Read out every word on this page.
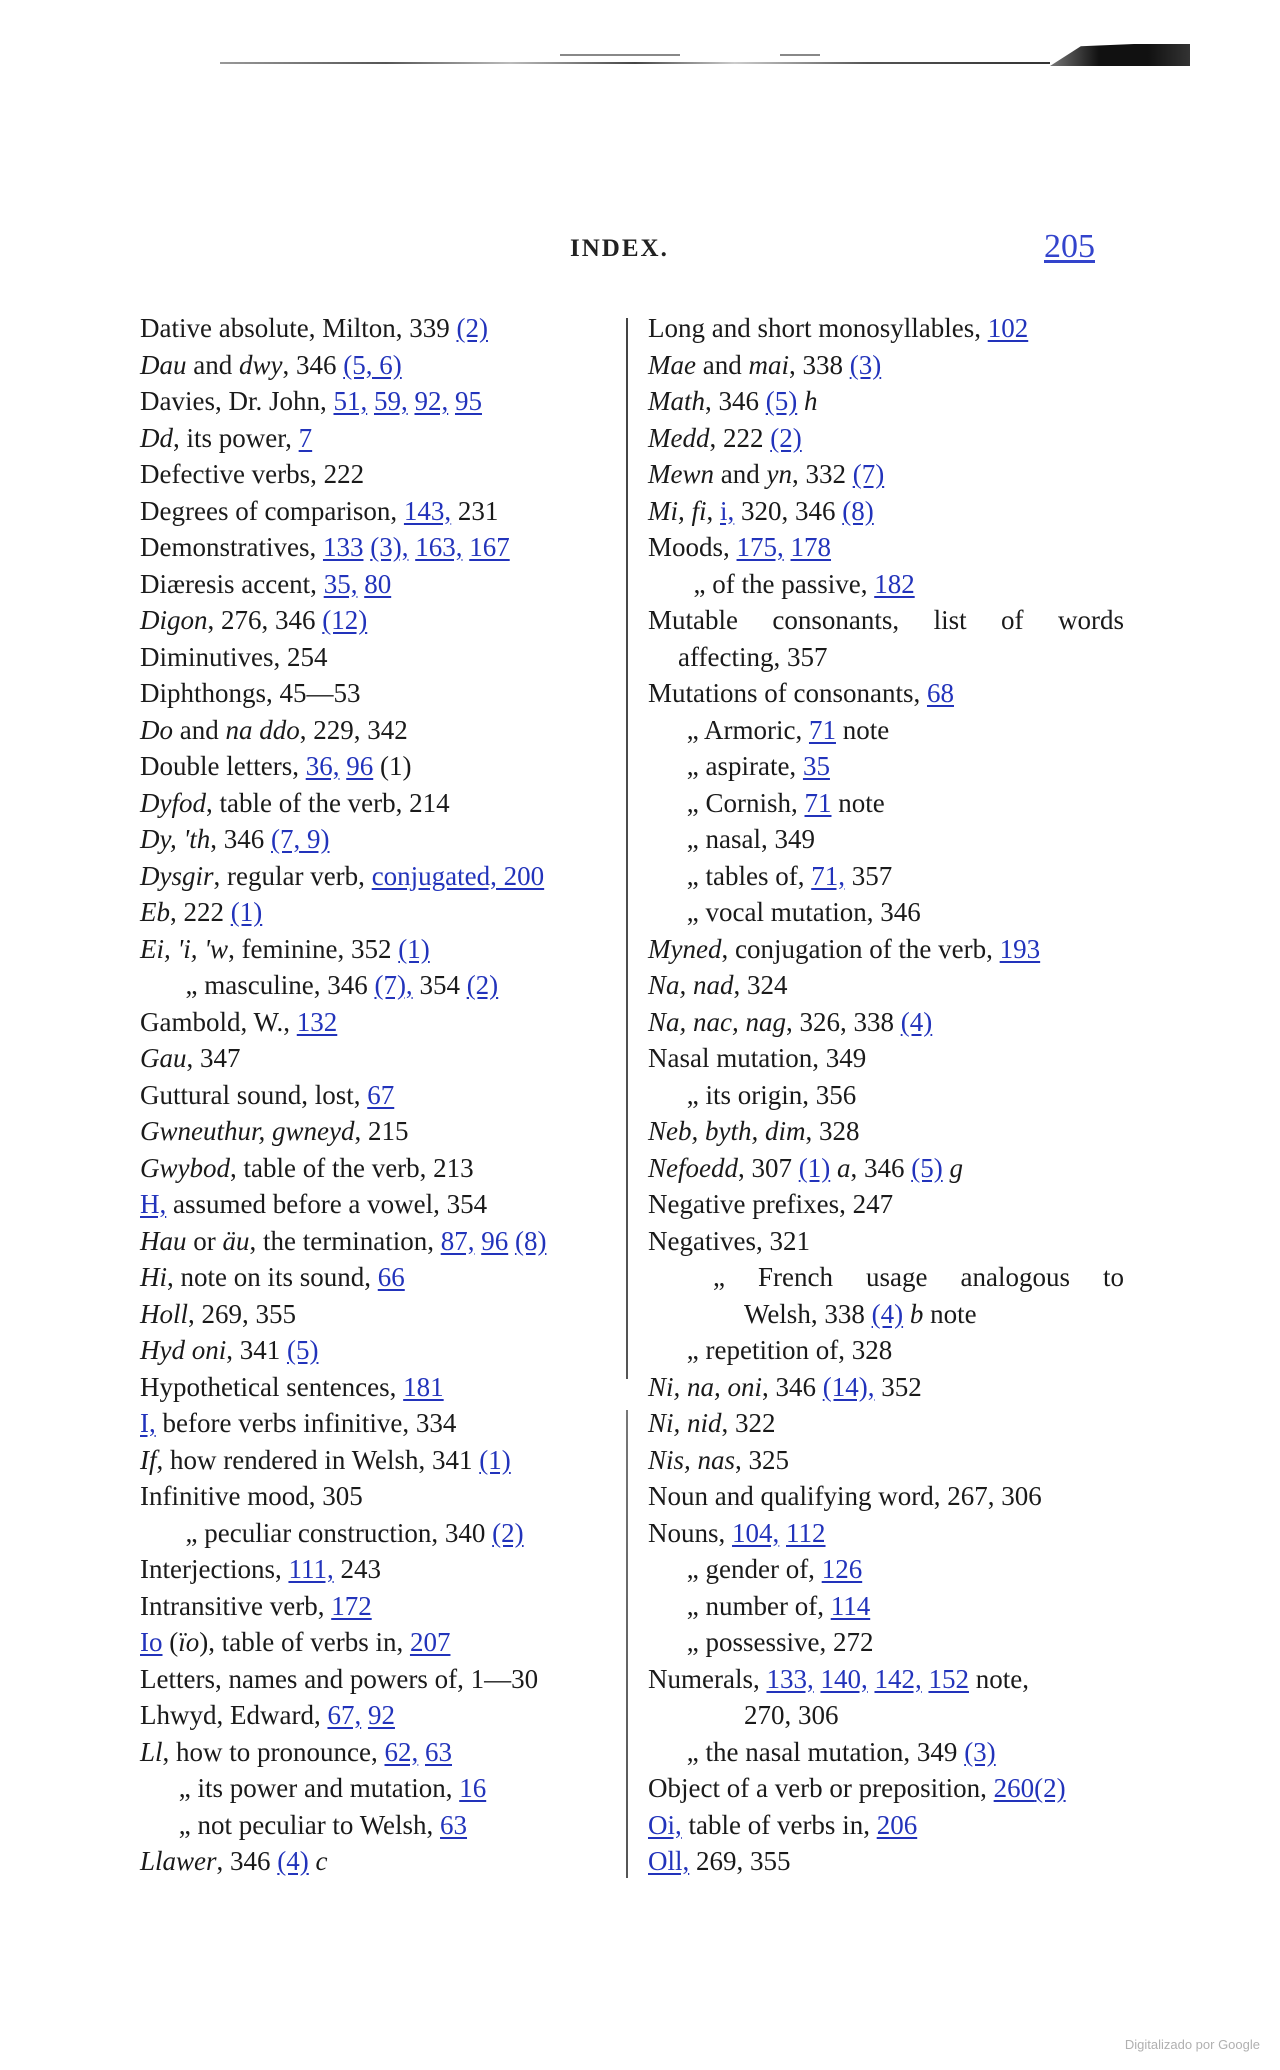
INDEX.	205
Dative absolute, Milton, 339 (2)
Dau and dwy, 346 (5, 6)
Davies, Dr. John, 51, 59, 92, 95
Dd, its power, 7
Defective verbs, 222
Degrees of comparison, 143, 231
Demonstratives, 133 (3), 163, 167
Diæresis accent, 35, 80
Digon, 276, 346 (12)
Diminutives, 254
Diphthongs, 45—53
Do and na ddo, 229, 342
Double letters, 36, 96 (1)
Dyfod, table of the verb, 214
Dy, 'th, 346 (7, 9)
Dysgir, regular verb, conjugated, 200
Eb, 222 (1)
Ei, 'i, 'w, feminine, 352 (1)
„ masculine, 346 (7), 354 (2)
Gambold, W., 132
Gau, 347
Guttural sound, lost, 67
Gwneuthur, gwneyd, 215
Gwybod, table of the verb, 213
H, assumed before a vowel, 354
Hau or äu, the termination, 87, 96 (8)
Hi, note on its sound, 66
Holl, 269, 355
Hyd oni, 341 (5)
Hypothetical sentences, 181
I, before verbs infinitive, 334
If, how rendered in Welsh, 341 (1)
Infinitive mood, 305
„ peculiar construction, 340 (2)
Interjections, 111, 243
Intransitive verb, 172
Io (ïo), table of verbs in, 207
Letters, names and powers of, 1—30
Lhwyd, Edward, 67, 92
Ll, how to pronounce, 62, 63
„ its power and mutation, 16
„ not peculiar to Welsh, 63
Llawer, 346 (4) c
Long and short monosyllables, 102
Mae and mai, 338 (3)
Math, 346 (5) h
Medd, 222 (2)
Mewn and yn, 332 (7)
Mi, fi, i, 320, 346 (8)
Moods, 175, 178
„ of the passive, 182
Mutable consonants, list of words
affecting, 357
Mutations of consonants, 68
„ Armoric, 71 note
„ aspirate, 35
„ Cornish, 71 note
„ nasal, 349
„ tables of, 71, 357
„ vocal mutation, 346
Myned, conjugation of the verb, 193
Na, nad, 324
Na, nac, nag, 326, 338 (4)
Nasal mutation, 349
„ its origin, 356
Neb, byth, dim, 328
Nefoedd, 307 (1) a, 346 (5) g
Negative prefixes, 247
Negatives, 321
„ French usage analogous to
Welsh, 338 (4) b note
„ repetition of, 328
Ni, na, oni, 346 (14), 352
Ni, nid, 322
Nis, nas, 325
Noun and qualifying word, 267, 306
Nouns, 104, 112
„ gender of, 126
„ number of, 114
„ possessive, 272
Numerals, 133, 140, 142, 152 note,
270, 306
„ the nasal mutation, 349 (3)
Object of a verb or preposition, 260(2)
Oi, table of verbs in, 206
Oll, 269, 355
Digitalizado por Google
